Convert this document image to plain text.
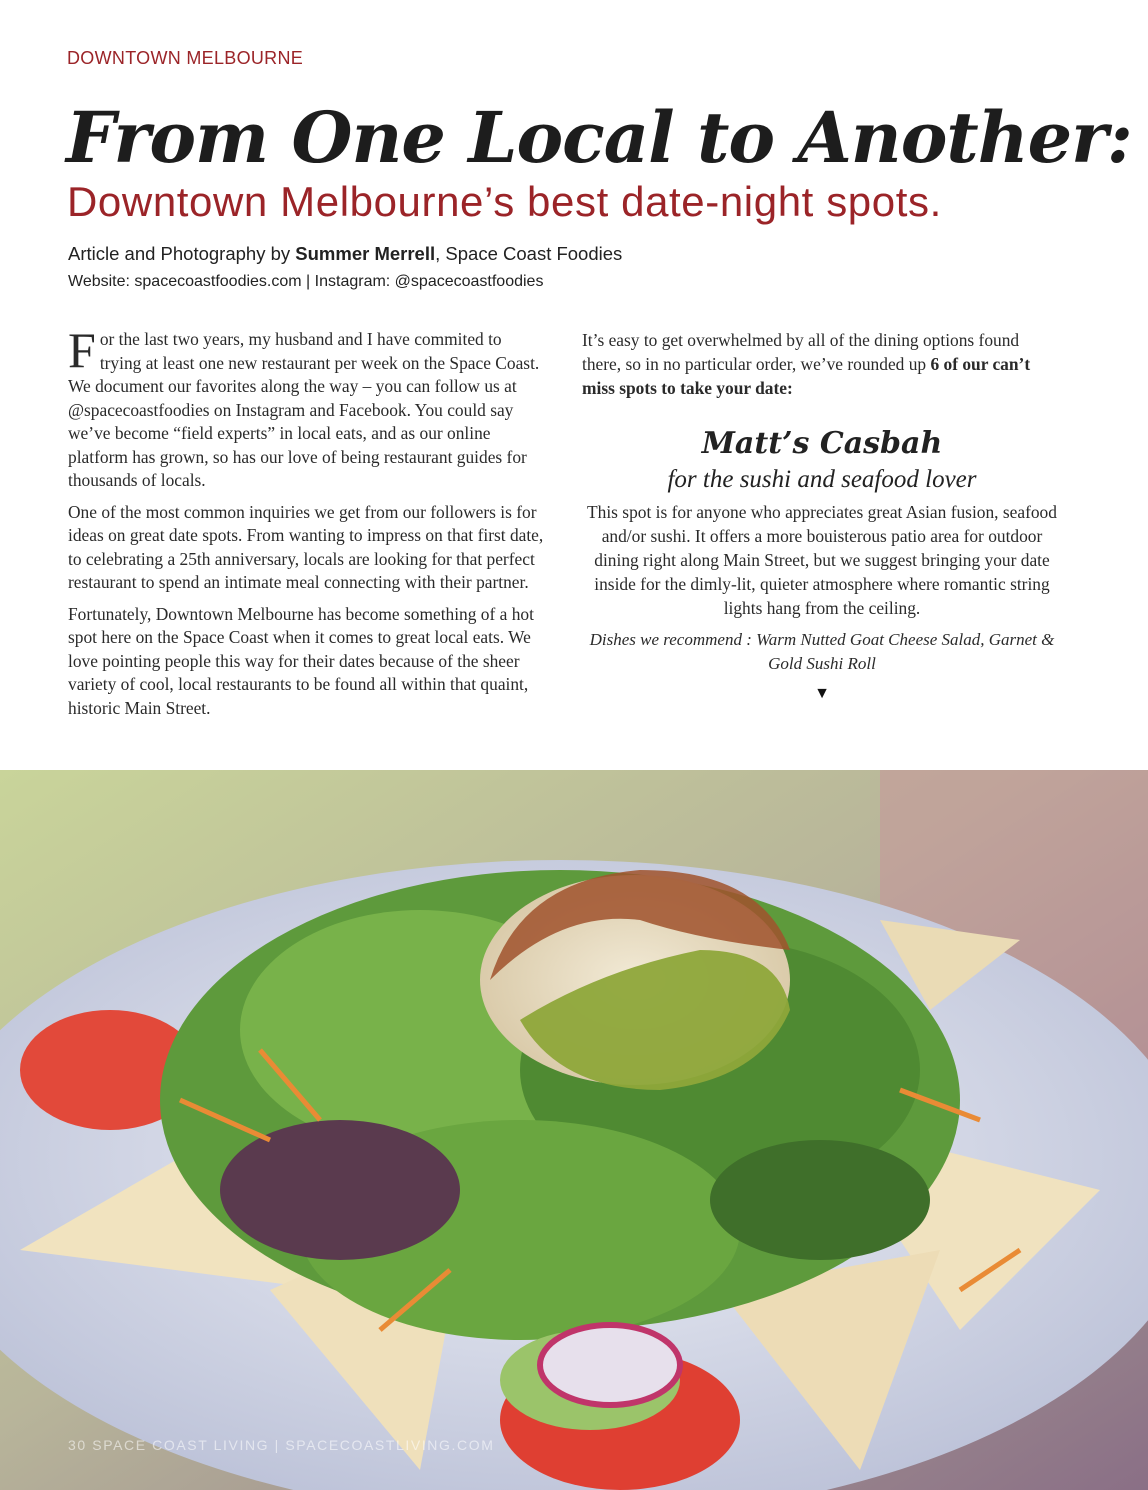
DOWNTOWN MELBOURNE
From One Local to Another:
Downtown Melbourne’s best date-night spots.
Article and Photography by Summer Merrell, Space Coast Foodies
Website: spacecoastfoodies.com | Instagram: @spacecoastfoodies

For the last two years, my husband and I have commited to trying at least one new restaurant per week on the Space Coast. We document our favorites along the way – you can follow us at @spacecoastfoodies on Instagram and Facebook. You could say we’ve become “field experts” in local eats, and as our online platform has grown, so has our love of being restaurant guides for thousands of locals.

One of the most common inquiries we get from our followers is for ideas on great date spots. From wanting to impress on that first date, to celebrating a 25th anniversary, locals are looking for that perfect restaurant to spend an intimate meal connecting with their partner.

Fortunately, Downtown Melbourne has become something of a hot spot here on the Space Coast when it comes to great local eats. We love pointing people this way for their dates because of the sheer variety of cool, local restaurants to be found all within that quaint, historic Main Street.

It’s easy to get overwhelmed by all of the dining options found there, so in no particular order, we’ve rounded up 6 of our can’t miss spots to take your date:

Matt’s Casbah
for the sushi and seafood lover

This spot is for anyone who appreciates great Asian fusion, seafood and/or sushi. It offers a more bouisterous patio area for outdoor dining right along Main Street, but we suggest bringing your date inside for the dimly-lit, quieter atmosphere where romantic string lights hang from the ceiling.

Dishes we recommend : Warm Nutted Goat Cheese Salad, Garnet & Gold Sushi Roll

▼
30 SPACE COAST LIVING | SPACECOASTLIVING.COM
